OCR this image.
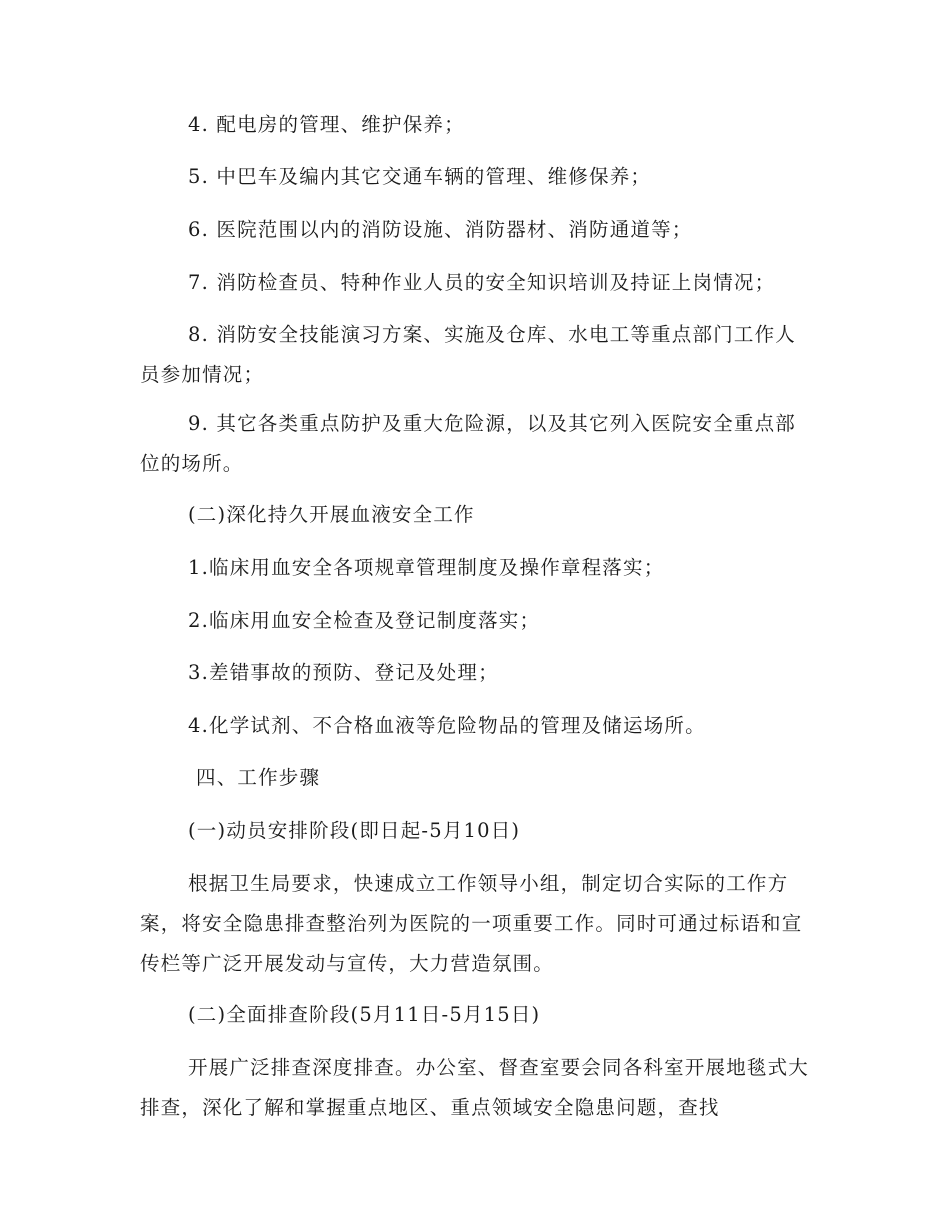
4. 配电房的管理、维护保养；

5. 中巴车及编内其它交通车辆的管理、维修保养；

6. 医院范围以内的消防设施、消防器材、消防通道等；

7. 消防检查员、特种作业人员的安全知识培训及持证上岗情况；

8. 消防安全技能演习方案、实施及仓库、水电工等重点部门工作人员参加情况；

9. 其它各类重点防护及重大危险源，以及其它列入医院安全重点部位的场所。

(二)深化持久开展血液安全工作

1.临床用血安全各项规章管理制度及操作章程落实；

2.临床用血安全检查及登记制度落实；

3.差错事故的预防、登记及处理；

4.化学试剂、不合格血液等危险物品的管理及储运场所。

四、工作步骤

(一)动员安排阶段(即日起-5月10日)

根据卫生局要求，快速成立工作领导小组，制定切合实际的工作方案，将安全隐患排查整治列为医院的一项重要工作。同时可通过标语和宣传栏等广泛开展发动与宣传，大力营造氛围。

(二)全面排查阶段(5月11日-5月15日)

开展广泛排查深度排查。办公室、督查室要会同各科室开展地毯式大排查，深化了解和掌握重点地区、重点领域安全隐患问题，查找
